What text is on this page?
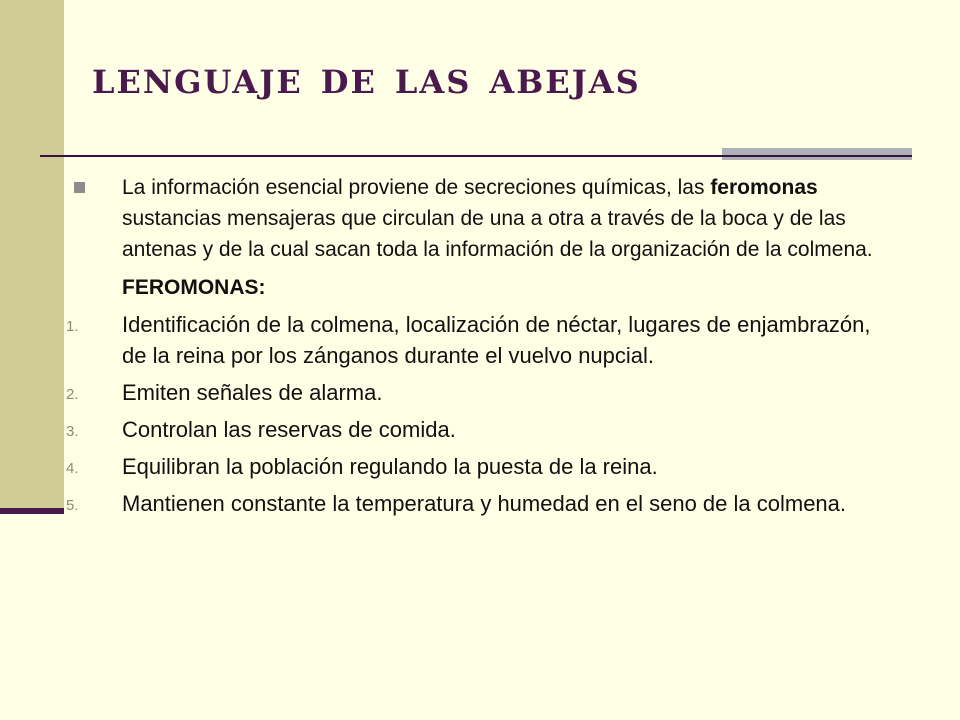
lenguaje de las abejas

La información esencial proviene de secreciones químicas, las feromonas sustancias mensajeras que circulan de una a otra a través de la boca y de las antenas y de la cual sacan toda la información de la organización de la colmena.

FEROMONAS:
1. Identificación de la colmena, localización de néctar, lugares de enjambrazón, de la reina por los zánganos durante el vuelvo nupcial.
2. Emiten señales de alarma.
3. Controlan las reservas de comida.
4. Equilibran la población regulando la puesta de la reina.
5. Mantienen constante la temperatura y humedad en el seno de la colmena.
